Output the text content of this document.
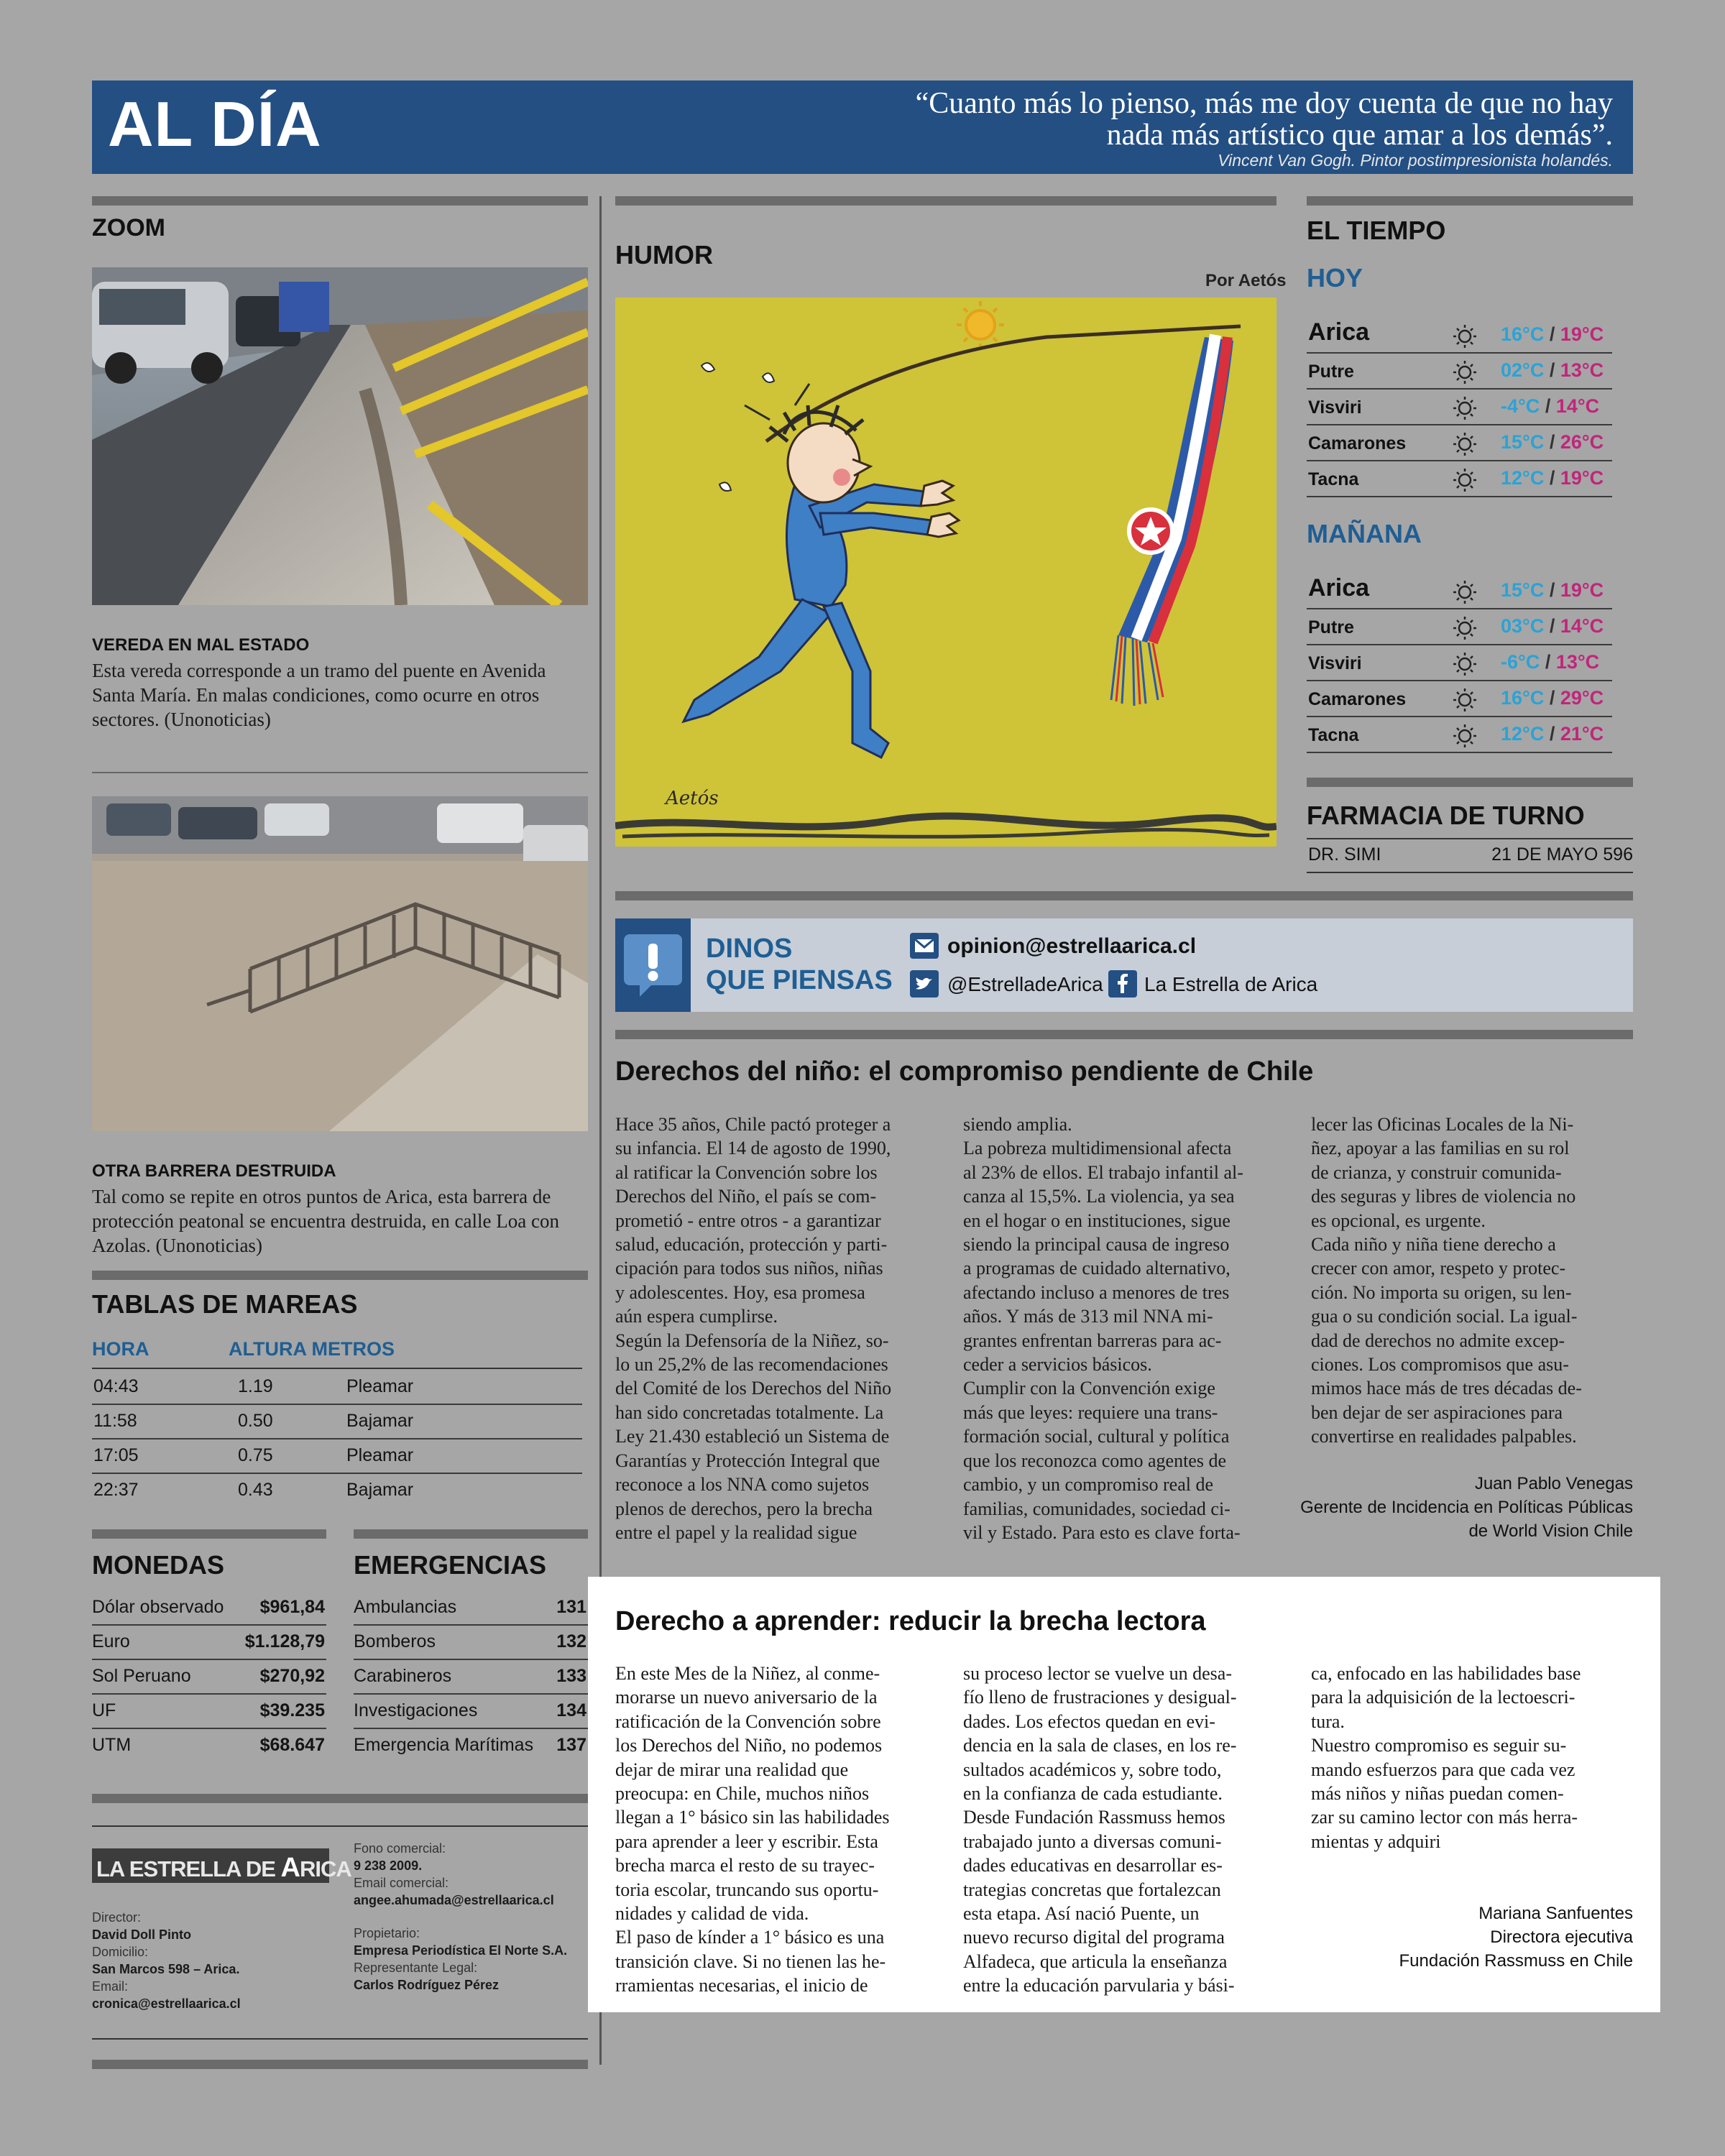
AL DÍA	“Cuanto más lo pienso, más me doy cuenta de que no hay
nada más artístico que amar a los demás”.
Vincent Van Gogh. Pintor postimpresionista holandés.
ZOOM
VEREDA EN MAL ESTADO
Esta vereda corresponde a un tramo del puente en Avenida Santa María. En malas condiciones, como ocurre en otros sectores. (Unonoticias)
OTRA BARRERA DESTRUIDA
Tal como se repite en otros puntos de Arica, esta barrera de protección peatonal se encuentra destruida, en calle Loa con Azolas. (Unonoticias)
TABLAS DE MAREAS
HORA	ALTURA METROS
04:43	1.19	Pleamar
11:58	0.50	Bajamar
17:05	0.75	Pleamar
22:37	0.43	Bajamar
MONEDAS
Dólar observado $961,84
Euro	$1.128,79
Sol Peruano	$270,92
UF	$39.235
UTM	$68.647
EMERGENCIAS
Ambulancias	131
Bomberos	132
Carabineros	133
Investigaciones	134
Emergencia Marítimas 137
LA ESTRELLA DE ARICA
Director:
David Doll Pinto
Domicilio:
San Marcos 598 – Arica.
Email:
cronica@estrellaarica.cl
Fono comercial:
9 238 2009.
Email comercial:
angee.ahumada@estrellaarica.cl
Propietario:
Empresa Periodística El Norte S.A.
Representante Legal:
Carlos Rodríguez Pérez
HUMOR
Por Aetós
Aetós
EL TIEMPO
HOY
Arica	16°C / 19°C
Putre	02°C / 13°C
Visviri	-4°C / 14°C
Camarones	15°C / 26°C
Tacna	12°C / 19°C
MAÑANA
Arica	15°C / 19°C
Putre	03°C / 14°C
Visviri	-6°C / 13°C
Camarones	16°C / 29°C
Tacna	12°C / 21°C
FARMACIA DE TURNO
DR. SIMI	21 DE MAYO 596
DINOS
QUE PIENSAS
opinion@estrellaarica.cl
@EstrelladeArica La Estrella de Arica
Derechos del niño: el compromiso pendiente de Chile
Hace 35 años, Chile pactó proteger a
su infancia. El 14 de agosto de 1990,
al ratificar la Convención sobre los
Derechos del Niño, el país se com-
prometió - entre otros - a garantizar
salud, educación, protección y parti-
cipación para todos sus niños, niñas
y adolescentes. Hoy, esa promesa
aún espera cumplirse.
Según la Defensoría de la Niñez, so-
lo un 25,2% de las recomendaciones
del Comité de los Derechos del Niño
han sido concretadas totalmente. La
Ley 21.430 estableció un Sistema de
Garantías y Protección Integral que
reconoce a los NNA como sujetos
plenos de derechos, pero la brecha
entre el papel y la realidad sigue
siendo amplia.
La pobreza multidimensional afecta
al 23% de ellos. El trabajo infantil al-
canza al 15,5%. La violencia, ya sea
en el hogar o en instituciones, sigue
siendo la principal causa de ingreso
a programas de cuidado alternativo,
afectando incluso a menores de tres
años. Y más de 313 mil NNA mi-
grantes enfrentan barreras para ac-
ceder a servicios básicos.
Cumplir con la Convención exige
más que leyes: requiere una trans-
formación social, cultural y política
que los reconozca como agentes de
cambio, y un compromiso real de
familias, comunidades, sociedad ci-
vil y Estado. Para esto es clave forta-
lecer las Oficinas Locales de la Ni-
ñez, apoyar a las familias en su rol
de crianza, y construir comunida-
des seguras y libres de violencia no
es opcional, es urgente.
Cada niño y niña tiene derecho a
crecer con amor, respeto y protec-
ción. No importa su origen, su len-
gua o su condición social. La igual-
dad de derechos no admite excep-
ciones. Los compromisos que asu-
mimos hace más de tres décadas de-
ben dejar de ser aspiraciones para
convertirse en realidades palpables.
Juan Pablo Venegas
Gerente de Incidencia en Políticas Públicas
de World Vision Chile
Derecho a aprender: reducir la brecha lectora
En este Mes de la Niñez, al conme-
morarse un nuevo aniversario de la
ratificación de la Convención sobre
los Derechos del Niño, no podemos
dejar de mirar una realidad que
preocupa: en Chile, muchos niños
llegan a 1° básico sin las habilidades
para aprender a leer y escribir. Esta
brecha marca el resto de su trayec-
toria escolar, truncando sus oportu-
nidades y calidad de vida.
El paso de kínder a 1° básico es una
transición clave. Si no tienen las he-
rramientas necesarias, el inicio de
su proceso lector se vuelve un desa-
fío lleno de frustraciones y desigual-
dades. Los efectos quedan en evi-
dencia en la sala de clases, en los re-
sultados académicos y, sobre todo,
en la confianza de cada estudiante.
Desde Fundación Rassmuss hemos
trabajado junto a diversas comuni-
dades educativas en desarrollar es-
trategias concretas que fortalezcan
esta etapa. Así nació Puente, un
nuevo recurso digital del programa
Alfadeca, que articula la enseñanza
entre la educación parvularia y bási-
ca, enfocado en las habilidades base
para la adquisición de la lectoescri-
tura.
Nuestro compromiso es seguir su-
mando esfuerzos para que cada vez
más niños y niñas puedan comen-
zar su camino lector con más herra-
mientas y adquiri
Mariana Sanfuentes
Directora ejecutiva
Fundación Rassmuss en Chile
